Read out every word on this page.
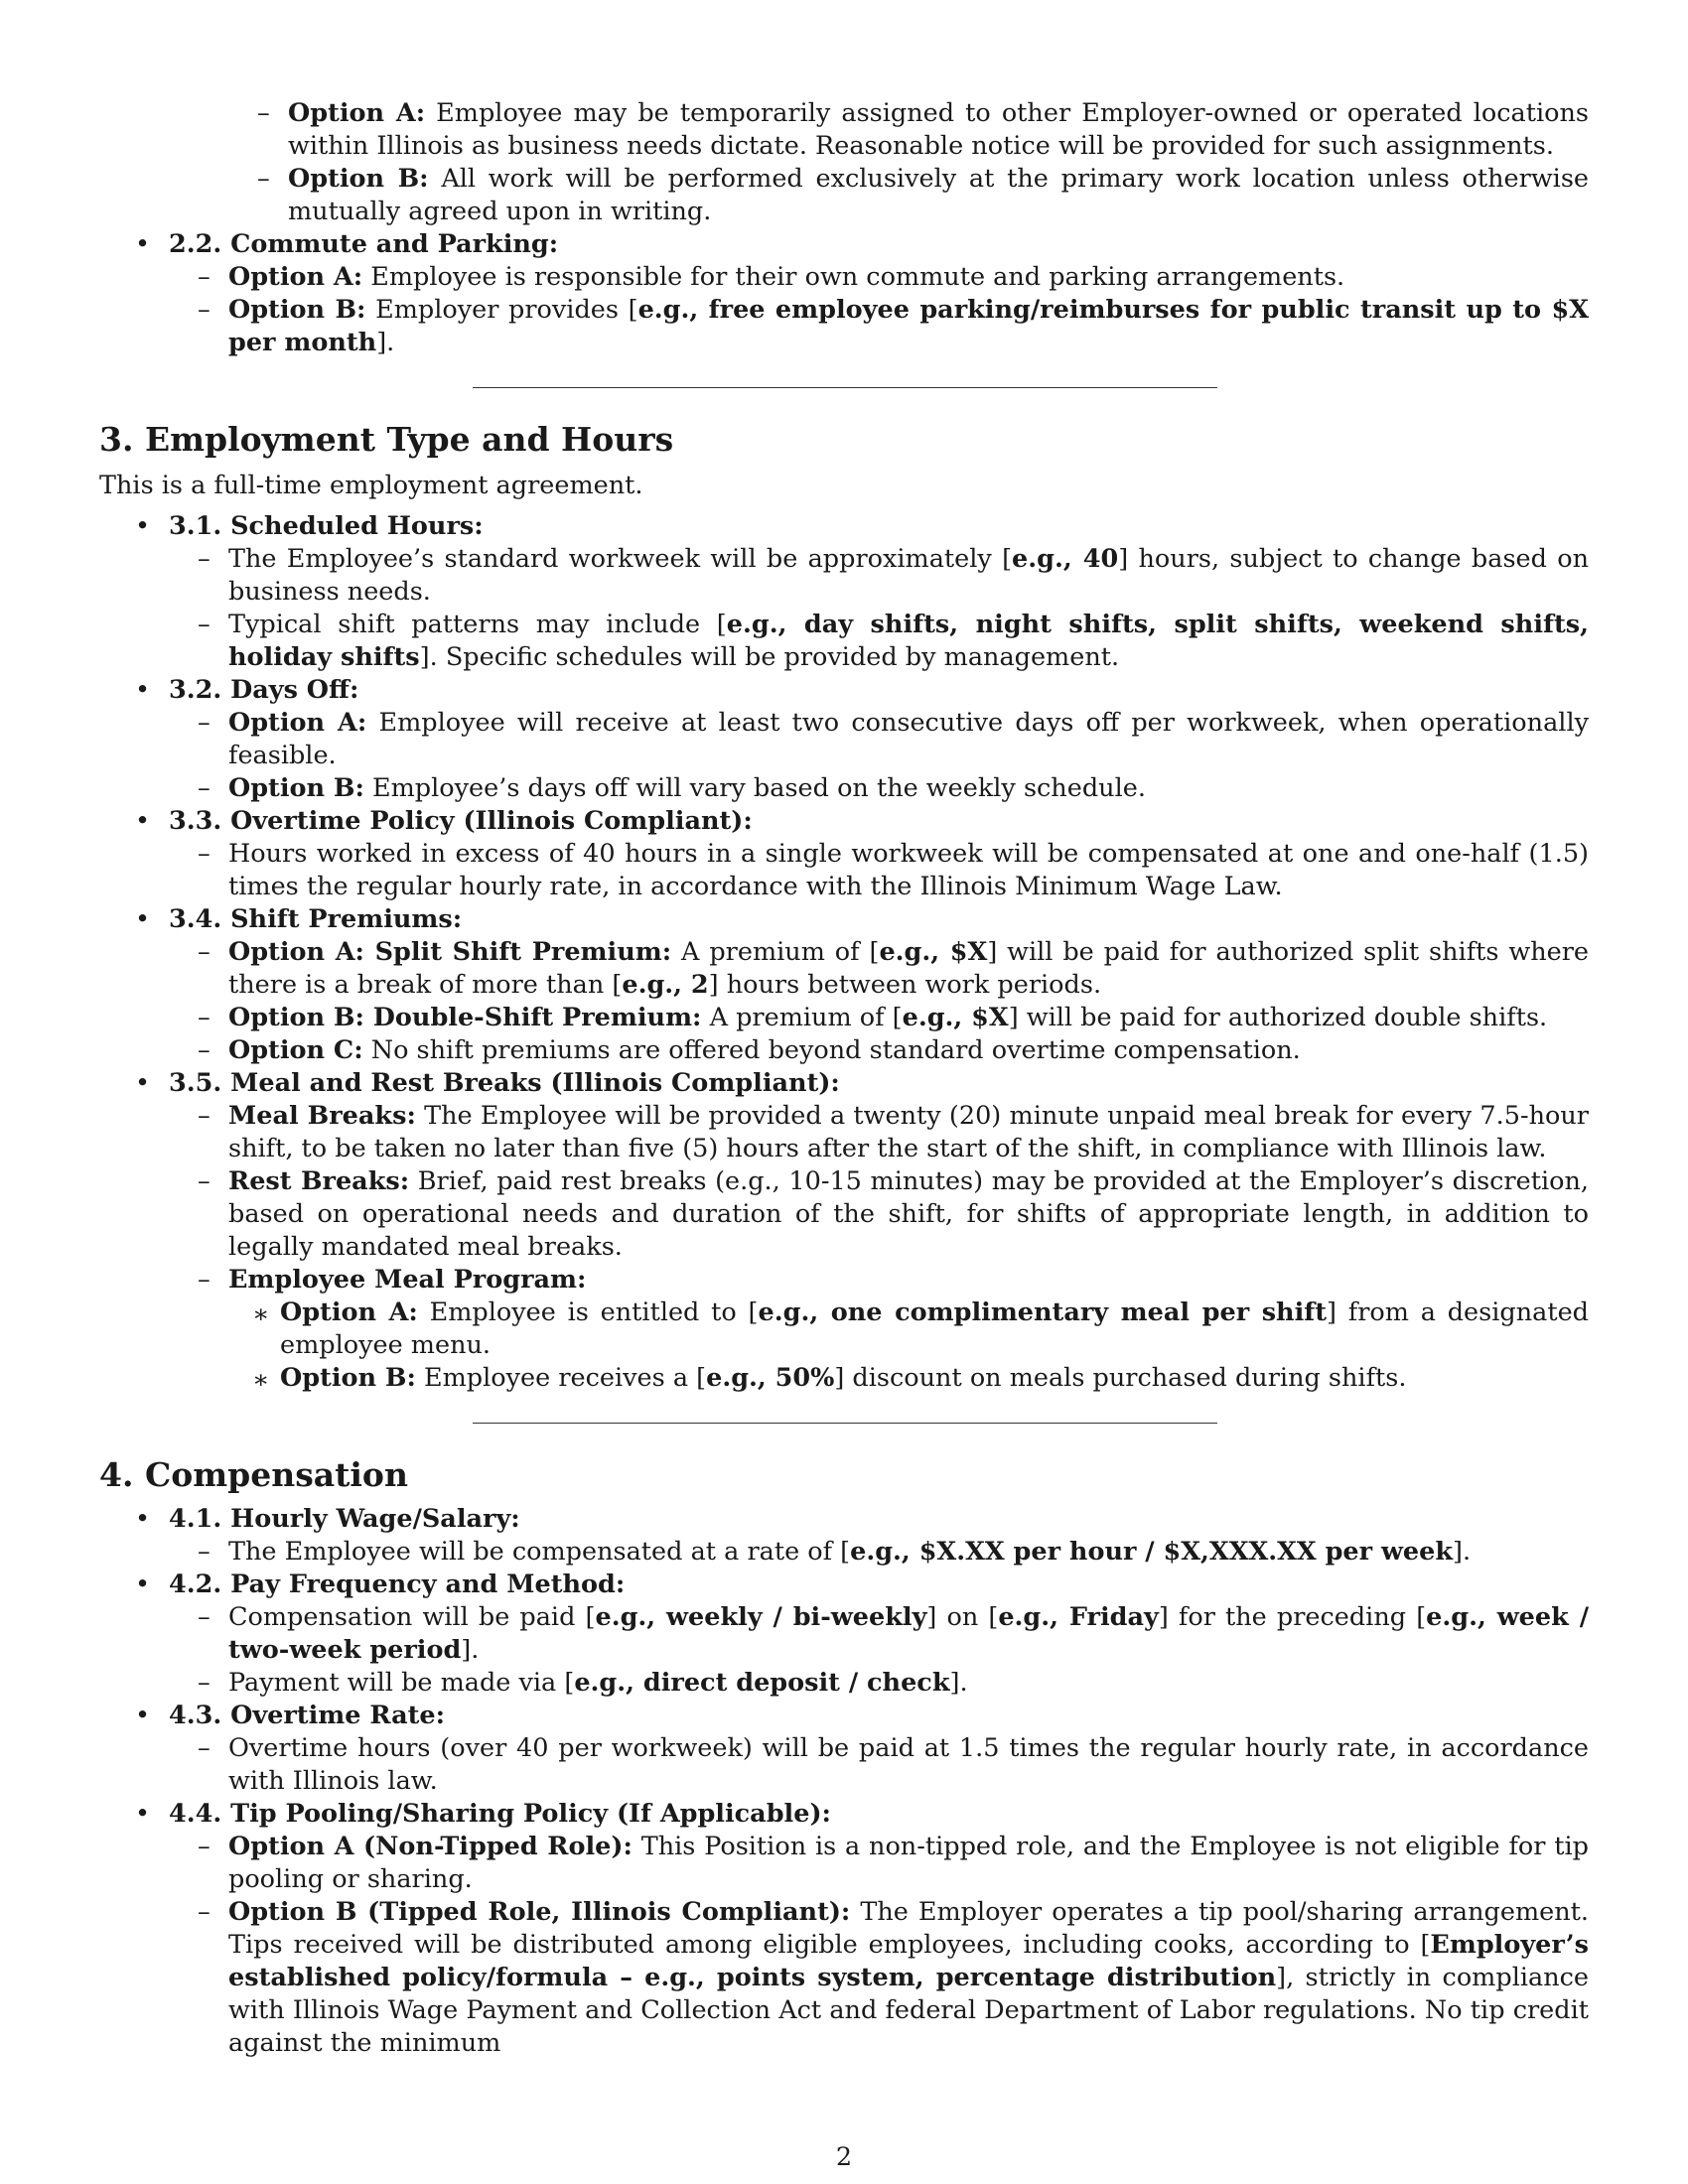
– Option A: Employee may be temporarily assigned to other Employer-owned or operated locations within Illinois as business needs dictate. Reasonable notice will be provided for such assignments.
– Option B: All work will be performed exclusively at the primary work location unless otherwise mutually agreed upon in writing.
• 2.2. Commute and Parking:
– Option A: Employee is responsible for their own commute and parking arrangements.
– Option B: Employer provides [e.g., free employee parking/reimburses for public transit up to $X per month].
3. Employment Type and Hours
This is a full-time employment agreement.
• 3.1. Scheduled Hours:
– The Employee’s standard workweek will be approximately [e.g., 40] hours, subject to change based on business needs.
– Typical shift patterns may include [e.g., day shifts, night shifts, split shifts, weekend shifts, holiday shifts]. Specific schedules will be provided by management.
• 3.2. Days Off:
– Option A: Employee will receive at least two consecutive days off per workweek, when operationally feasible.
– Option B: Employee’s days off will vary based on the weekly schedule.
• 3.3. Overtime Policy (Illinois Compliant):
– Hours worked in excess of 40 hours in a single workweek will be compensated at one and one-half (1.5) times the regular hourly rate, in accordance with the Illinois Minimum Wage Law.
• 3.4. Shift Premiums:
– Option A: Split Shift Premium: A premium of [e.g., $X] will be paid for authorized split shifts where there is a break of more than [e.g., 2] hours between work periods.
– Option B: Double-Shift Premium: A premium of [e.g., $X] will be paid for authorized double shifts.
– Option C: No shift premiums are offered beyond standard overtime compensation.
• 3.5. Meal and Rest Breaks (Illinois Compliant):
– Meal Breaks: The Employee will be provided a twenty (20) minute unpaid meal break for every 7.5-hour shift, to be taken no later than five (5) hours after the start of the shift, in compliance with Illinois law.
– Rest Breaks: Brief, paid rest breaks (e.g., 10-15 minutes) may be provided at the Employer’s discretion, based on operational needs and duration of the shift, for shifts of appropriate length, in addition to legally mandated meal breaks.
– Employee Meal Program:
∗ Option A: Employee is entitled to [e.g., one complimentary meal per shift] from a designated employee menu.
∗ Option B: Employee receives a [e.g., 50%] discount on meals purchased during shifts.
4. Compensation
• 4.1. Hourly Wage/Salary:
– The Employee will be compensated at a rate of [e.g., $X.XX per hour / $X,XXX.XX per week].
• 4.2. Pay Frequency and Method:
– Compensation will be paid [e.g., weekly / bi-weekly] on [e.g., Friday] for the preceding [e.g., week / two-week period].
– Payment will be made via [e.g., direct deposit / check].
• 4.3. Overtime Rate:
– Overtime hours (over 40 per workweek) will be paid at 1.5 times the regular hourly rate, in accordance with Illinois law.
• 4.4. Tip Pooling/Sharing Policy (If Applicable):
– Option A (Non-Tipped Role): This Position is a non-tipped role, and the Employee is not eligible for tip pooling or sharing.
– Option B (Tipped Role, Illinois Compliant): The Employer operates a tip pool/sharing arrangement. Tips received will be distributed among eligible employees, including cooks, according to [Employer’s established policy/formula – e.g., points system, percentage distribution], strictly in compliance with Illinois Wage Payment and Collection Act and federal Department of Labor regulations. No tip credit against the minimum
2
